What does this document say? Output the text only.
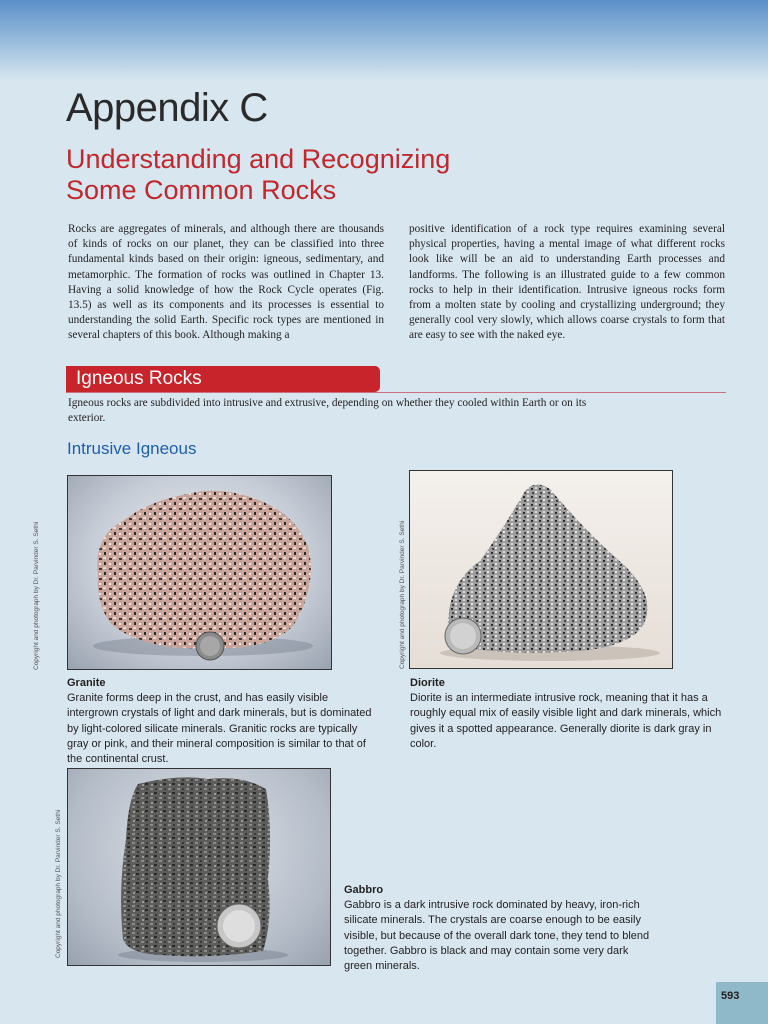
Appendix C
Understanding and Recognizing
Some Common Rocks

Rocks are aggregates of minerals, and although there are thousands of kinds of rocks on our planet, they can be classified into three fundamental kinds based on their origin: igneous, sedimentary, and metamorphic. The formation of rocks was outlined in Chapter 13. Having a solid knowledge of how the Rock Cycle operates (Fig. 13.5) as well as its components and its processes is essential to understanding the solid Earth. Specific rock types are mentioned in several chapters of this book. Although making a

positive identification of a rock type requires examining several physical properties, having a mental image of what different rocks look like will be an aid to understanding Earth processes and landforms. The following is an illustrated guide to a few common rocks to help in their identification. Intrusive igneous rocks form from a molten state by cooling and crystallizing underground; they generally cool very slowly, which allows coarse crystals to form that are easy to see with the naked eye.

Igneous Rocks

Igneous rocks are subdivided into intrusive and extrusive, depending on whether they cooled within Earth or on its exterior.

Intrusive Igneous
Copyright and photograph by Dr. Parvinder S. Sethi
Granite
Granite forms deep in the crust, and has easily visible intergrown crystals of light and dark minerals, but is dominated by light-colored silicate minerals. Granitic rocks are typically gray or pink, and their mineral composition is similar to that of the continental crust.
Copyright and photograph by Dr. Parvinder S. Sethi
Diorite
Diorite is an intermediate intrusive rock, meaning that it has a roughly equal mix of easily visible light and dark minerals, which gives it a spotted appearance. Generally diorite is dark gray in color.
Copyright and photograph by Dr. Parvinder S. Sethi	Gabbro
Gabbro is a dark intrusive rock dominated by heavy, iron-rich silicate minerals. The crystals are coarse enough to be easily visible, but because of the overall dark tone, they tend to blend together. Gabbro is black and may contain some very dark green minerals.
593
